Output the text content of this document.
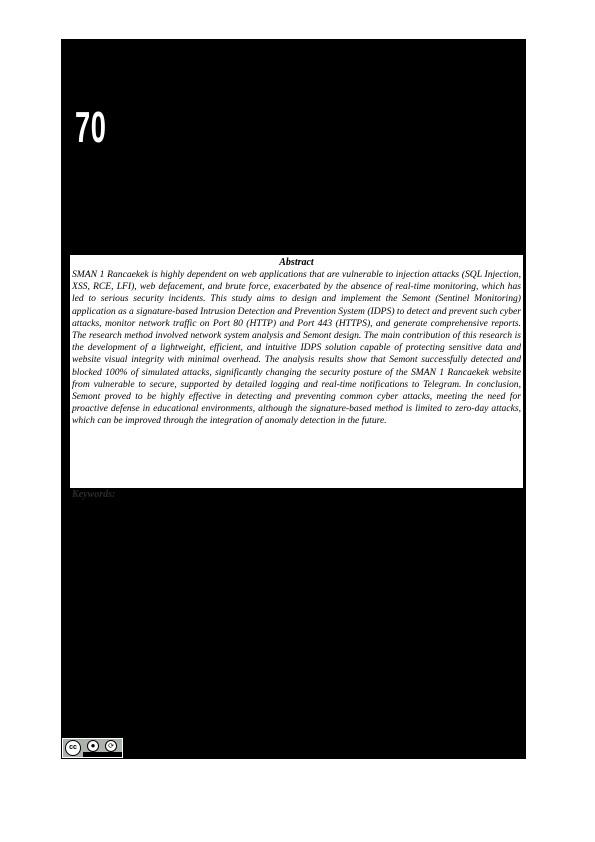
70

Abstract

SMAN 1 Rancaekek is highly dependent on web applications that are vulnerable to injection attacks (SQL Injection, XSS, RCE, LFI), web defacement, and brute force, exacerbated by the absence of real-time monitoring, which has led to serious security incidents. This study aims to design and implement the Semont (Sentinel Monitoring) application as a signature-based Intrusion Detection and Prevention System (IDPS) to detect and prevent such cyber attacks, monitor network traffic on Port 80 (HTTP) and Port 443 (HTTPS), and generate comprehensive reports. The research method involved network system analysis and Semont design. The main contribution of this research is the development of a lightweight, efficient, and intuitive IDPS solution capable of protecting sensitive data and website visual integrity with minimal overhead. The analysis results show that Semont successfully detected and blocked 100% of simulated attacks, significantly changing the security posture of the SMAN 1 Rancaekek website from vulnerable to secure, supported by detailed logging and real-time notifications to Telegram. In conclusion, Semont proved to be highly effective in detecting and preventing common cyber attacks, meeting the need for proactive defense in educational environments, although the signature-based method is limited to zero-day attacks, which can be improved through the integration of anomaly detection in the future.

Keywords:
cc	●	⟳
